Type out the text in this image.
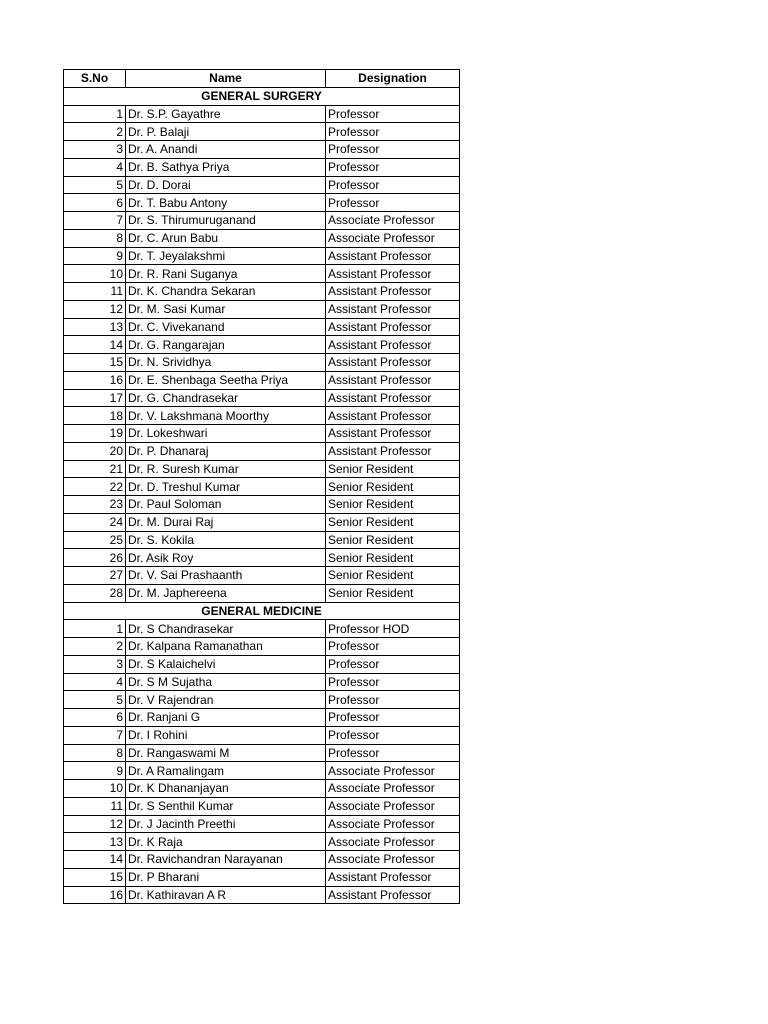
S.No	Name	Designation
GENERAL SURGERY		
1	Dr. S.P. Gayathre	Professor
2	Dr. P. Balaji	Professor
3	Dr. A. Anandi	Professor
4	Dr. B. Sathya Priya	Professor
5	Dr. D. Dorai	Professor
6	Dr. T. Babu Antony	Professor
7	Dr. S. Thirumuruganand	Associate Professor
8	Dr. C. Arun Babu	Associate Professor
9	Dr. T. Jeyalakshmi	Assistant Professor
10	Dr. R. Rani Suganya	Assistant Professor
11	Dr. K. Chandra Sekaran	Assistant Professor
12	Dr. M. Sasi Kumar	Assistant Professor
13	Dr. C. Vivekanand	Assistant Professor
14	Dr. G. Rangarajan	Assistant Professor
15	Dr. N. Srividhya	Assistant Professor
16	Dr. E. Shenbaga Seetha Priya	Assistant Professor
17	Dr. G. Chandrasekar	Assistant Professor
18	Dr. V. Lakshmana Moorthy	Assistant Professor
19	Dr. Lokeshwari	Assistant Professor
20	Dr. P. Dhanaraj	Assistant Professor
21	Dr. R. Suresh Kumar	Senior Resident
22	Dr. D. Treshul Kumar	Senior Resident
23	Dr. Paul Soloman	Senior Resident
24	Dr. M. Durai Raj	Senior Resident
25	Dr. S. Kokila	Senior Resident
26	Dr. Asik Roy	Senior Resident
27	Dr. V. Sai Prashaanth	Senior Resident
28	Dr. M. Japhereena	Senior Resident
GENERAL MEDICINE		
1	Dr. S Chandrasekar	Professor HOD
2	Dr. Kalpana Ramanathan	Professor
3	Dr. S Kalaichelvi	Professor
4	Dr. S M Sujatha	Professor
5	Dr. V Rajendran	Professor
6	Dr. Ranjani G	Professor
7	Dr. I Rohini	Professor
8	Dr. Rangaswami M	Professor
9	Dr. A Ramalingam	Associate Professor
10	Dr. K Dhananjayan	Associate Professor
11	Dr. S Senthil Kumar	Associate Professor
12	Dr. J Jacinth Preethi	Associate Professor
13	Dr. K Raja	Associate Professor
14	Dr. Ravichandran Narayanan	Associate Professor
15	Dr. P Bharani	Assistant Professor
16	Dr. Kathiravan A R	Assistant Professor
